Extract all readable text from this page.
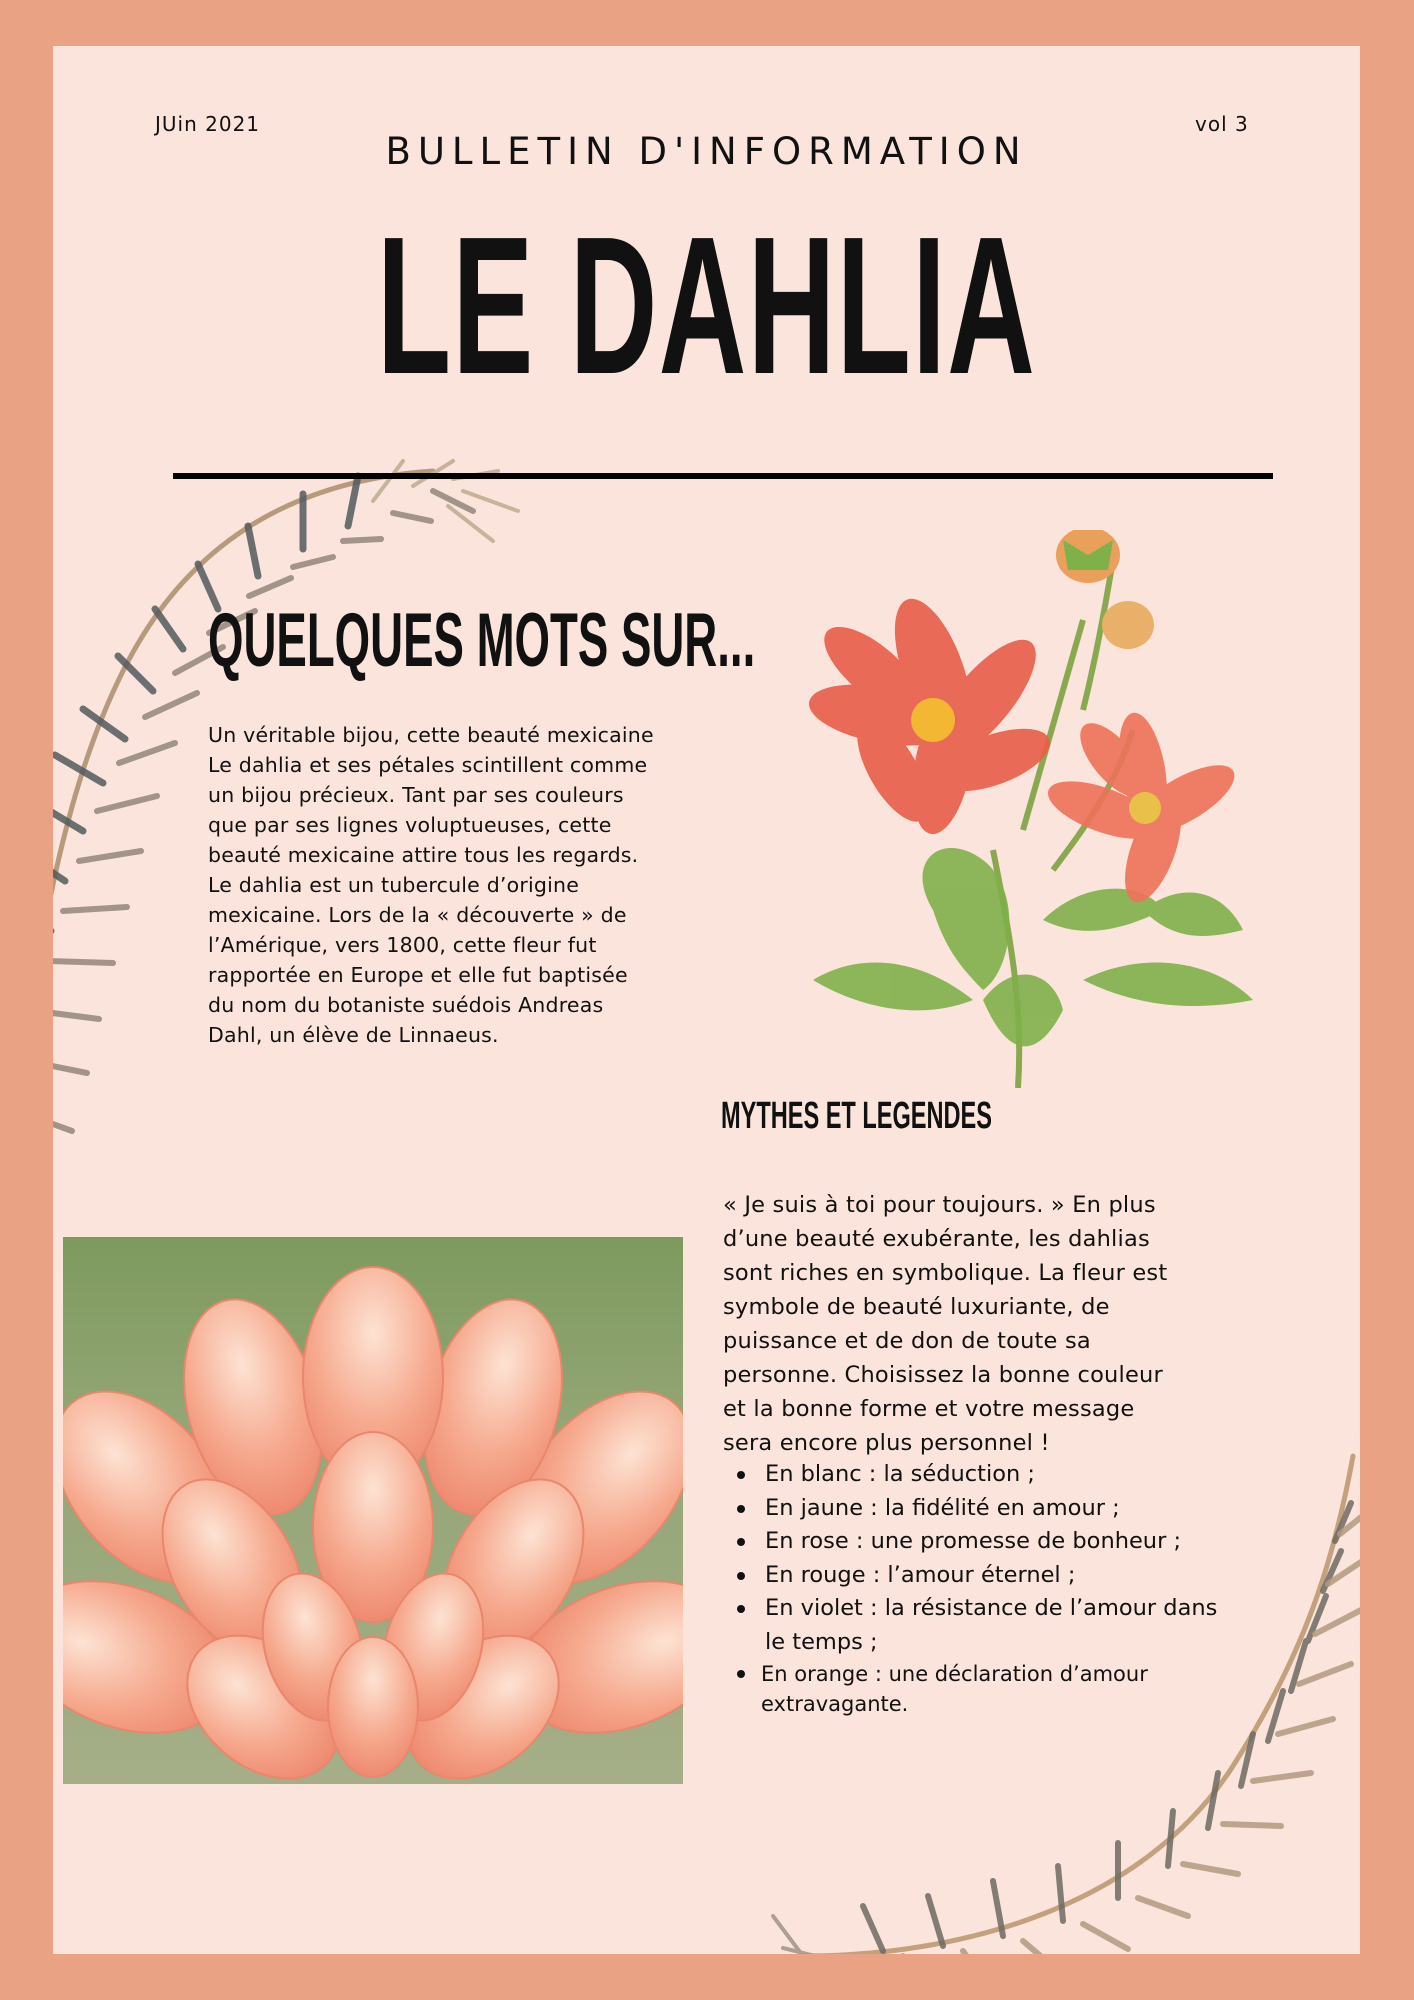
JUin 2021	vol 3
BULLETIN D'INFORMATION
LE DAHLIA
QUELQUES MOTS SUR...
Un véritable bijou, cette beauté mexicaine
Le dahlia et ses pétales scintillent comme
un bijou précieux. Tant par ses couleurs
que par ses lignes voluptueuses, cette
beauté mexicaine attire tous les regards.
Le dahlia est un tubercule d’origine
mexicaine. Lors de la « découverte » de
l’Amérique, vers 1800, cette fleur fut
rapportée en Europe et elle fut baptisée
du nom du botaniste suédois Andreas
Dahl, un élève de Linnaeus.
MYTHES ET LEGENDES
« Je suis à toi pour toujours. » En plus
d’une beauté exubérante, les dahlias
sont riches en symbolique. La fleur est
symbole de beauté luxuriante, de
puissance et de don de toute sa
personne. Choisissez la bonne couleur
et la bonne forme et votre message
sera encore plus personnel !
En blanc : la séduction ;
En jaune : la fidélité en amour ;
En rose : une promesse de bonheur ;
En rouge : l’amour éternel ;
En violet : la résistance de l’amour dans le temps ;
En orange : une déclaration d’amour extravagante.
